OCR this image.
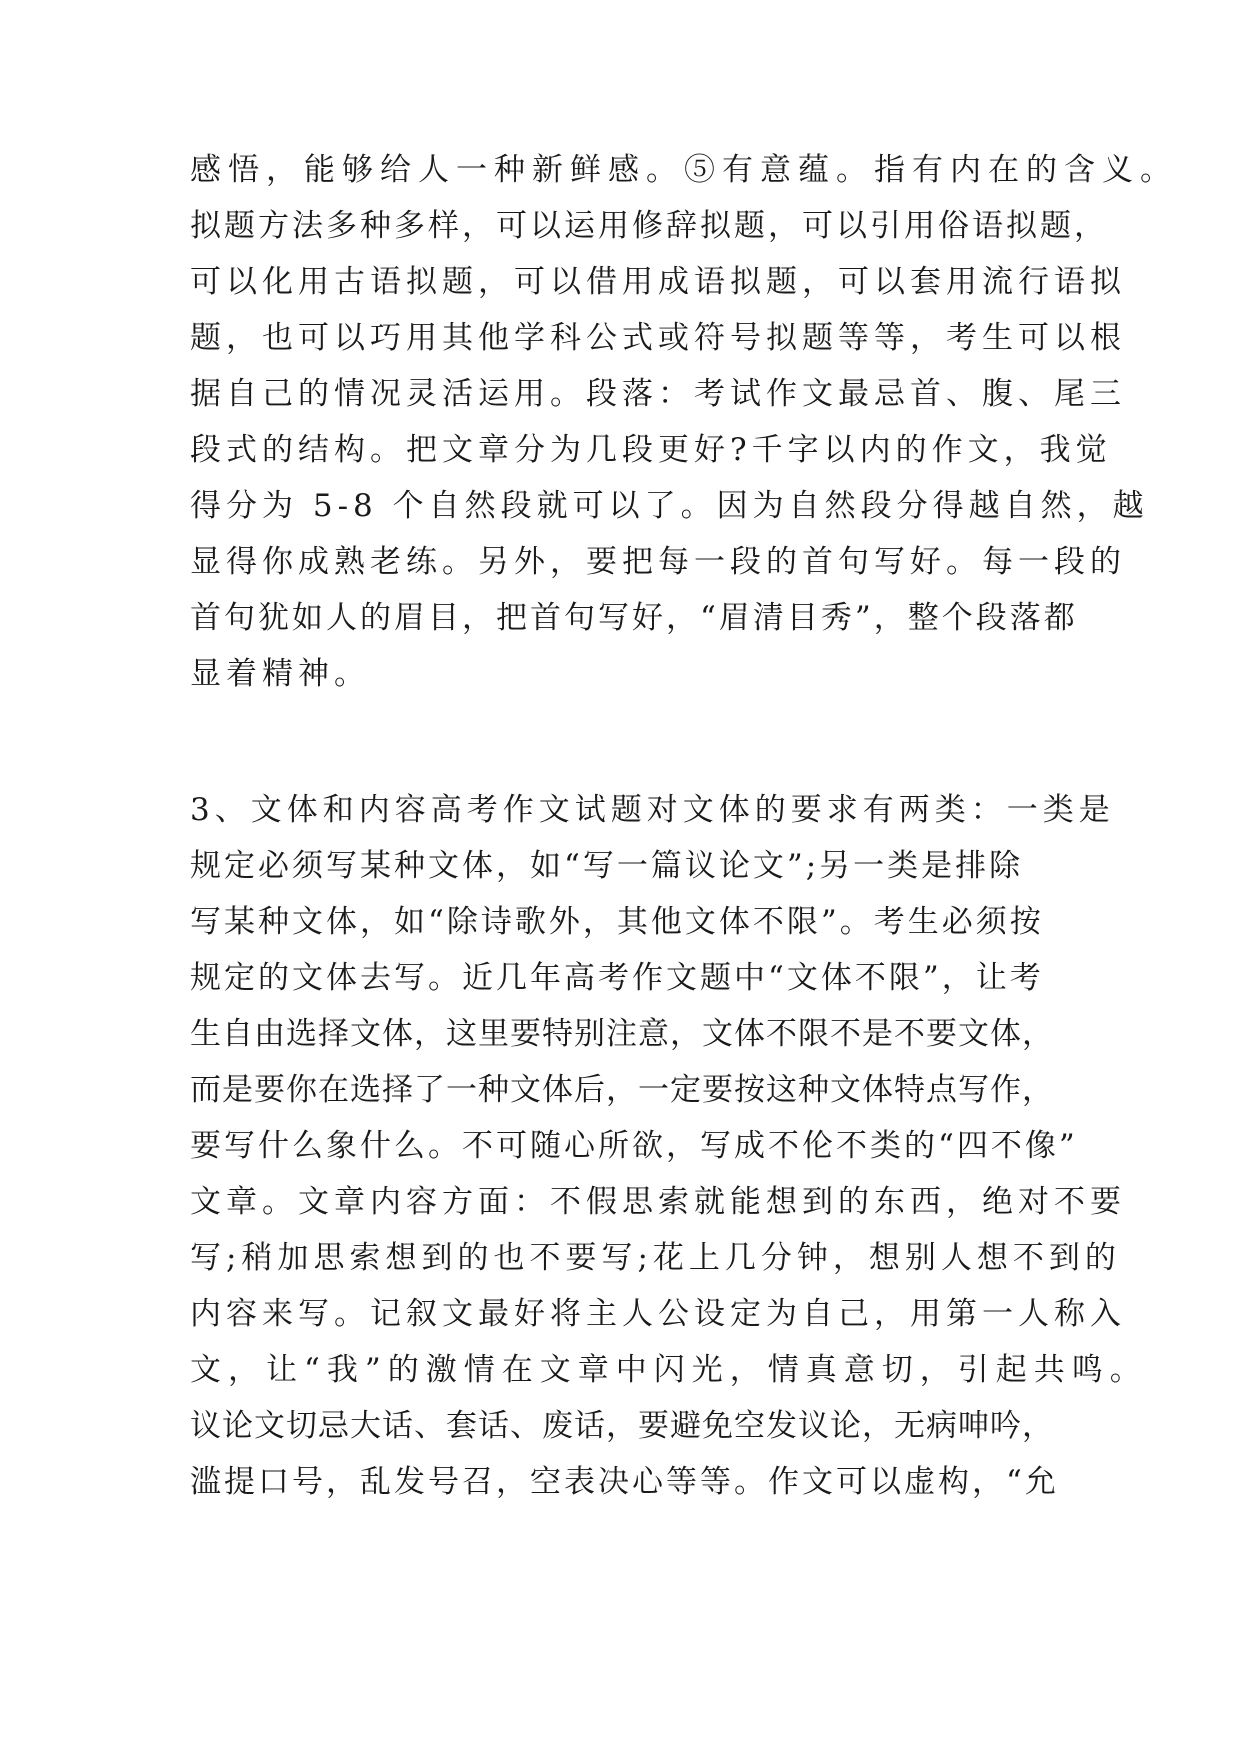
感悟，能够给人一种新鲜感。⑤有意蕴。指有内在的含义。
拟题方法多种多样，可以运用修辞拟题，可以引用俗语拟题，
可以化用古语拟题，可以借用成语拟题，可以套用流行语拟
题，也可以巧用其他学科公式或符号拟题等等，考生可以根
据自己的情况灵活运用。段落：考试作文最忌首、腹、尾三
段式的结构。把文章分为几段更好?千字以内的作文，我觉
得分为 5-8 个自然段就可以了。因为自然段分得越自然，越
显得你成熟老练。另外，要把每一段的首句写好。每一段的
首句犹如人的眉目，把首句写好，“眉清目秀”，整个段落都
显着精神。
3、文体和内容高考作文试题对文体的要求有两类：一类是
规定必须写某种文体，如“写一篇议论文”;另一类是排除
写某种文体，如“除诗歌外，其他文体不限”。考生必须按
规定的文体去写。近几年高考作文题中“文体不限”，让考
生自由选择文体，这里要特别注意，文体不限不是不要文体，
而是要你在选择了一种文体后，一定要按这种文体特点写作，
要写什么象什么。不可随心所欲，写成不伦不类的“四不像”
文章。文章内容方面：不假思索就能想到的东西，绝对不要
写;稍加思索想到的也不要写;花上几分钟，想别人想不到的
内容来写。记叙文最好将主人公设定为自己，用第一人称入
文，让“我”的激情在文章中闪光，情真意切，引起共鸣。
议论文切忌大话、套话、废话，要避免空发议论，无病呻吟，
滥提口号，乱发号召，空表决心等等。作文可以虚构，“允
